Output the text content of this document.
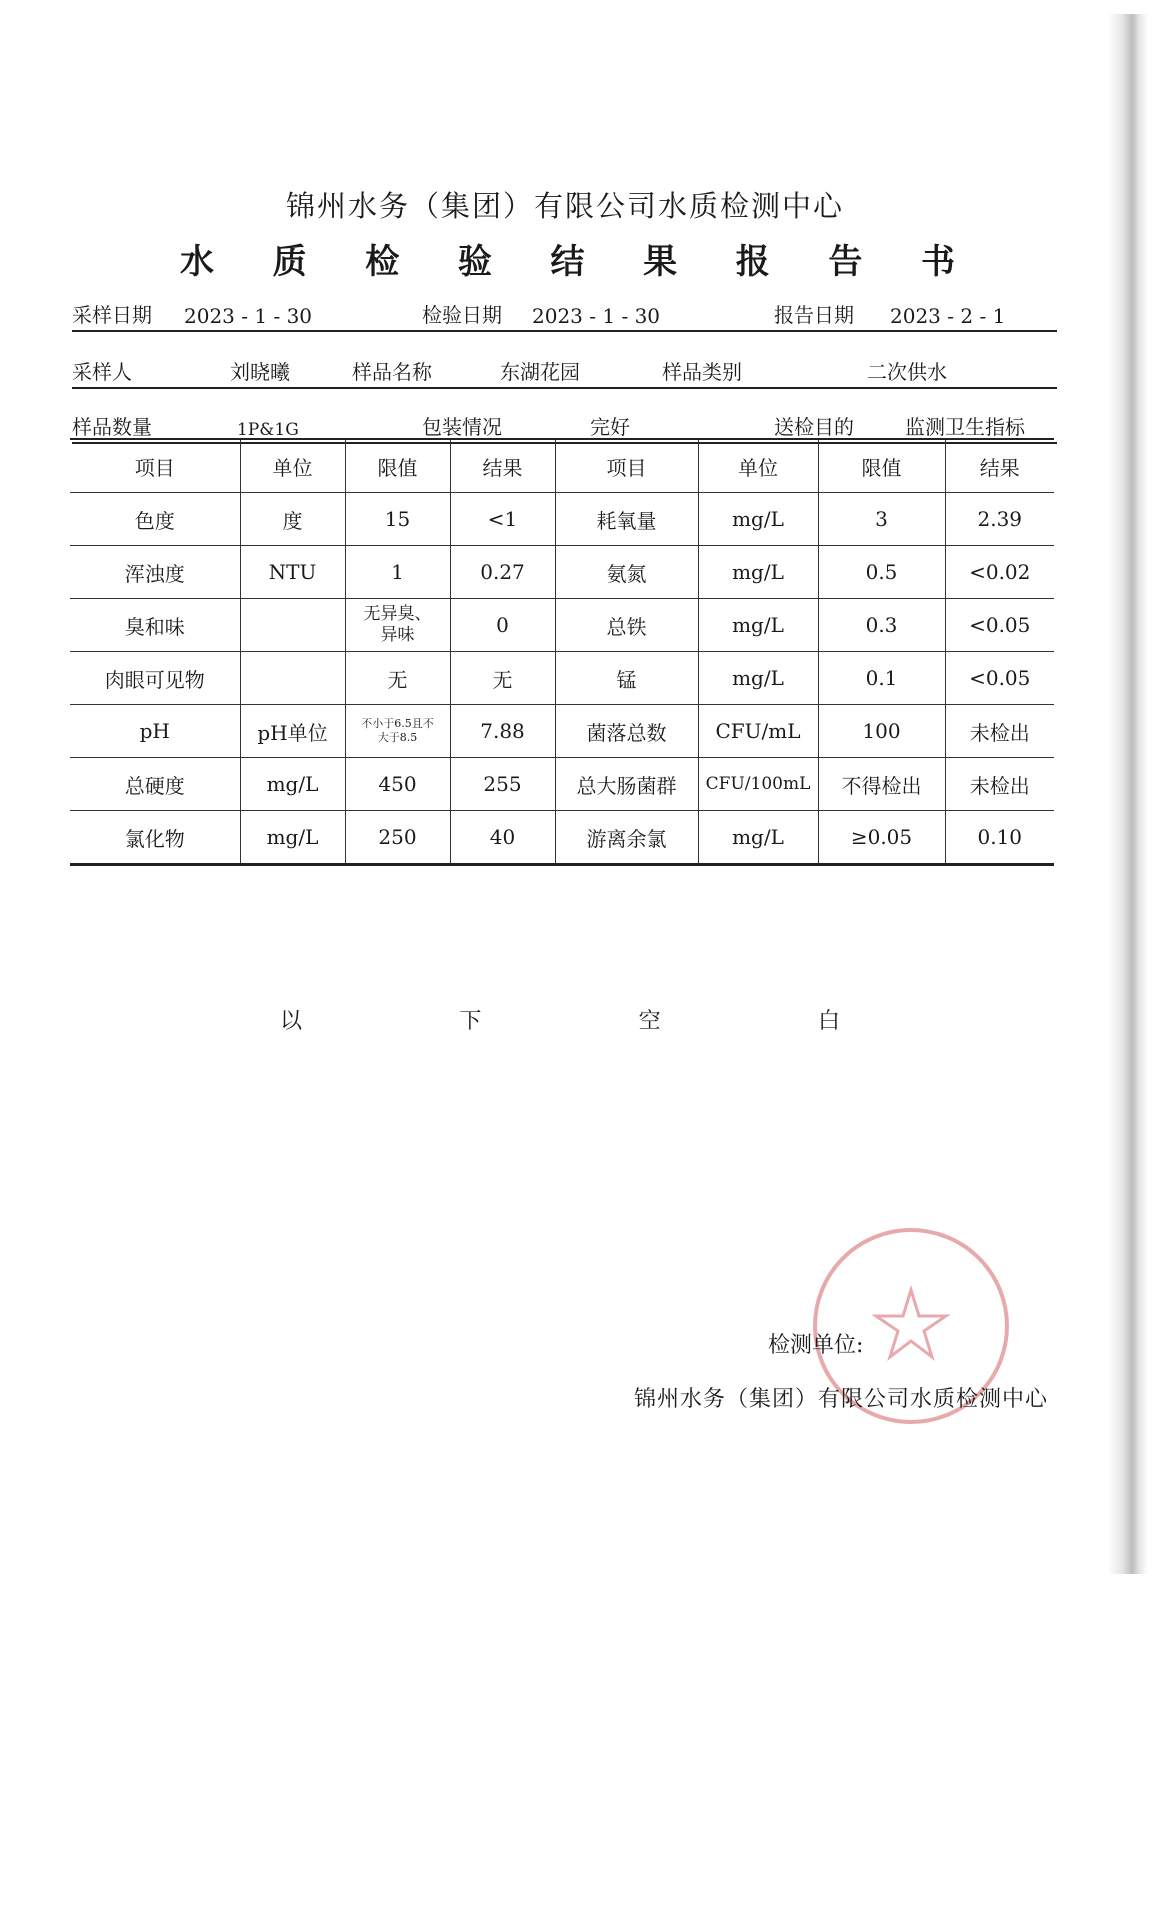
锦州水务（集团）有限公司水质检测中心
水 质 检 验 结 果 报 告 书
采样日期 2023 - 1 - 30	检验日期 2023 - 1 - 30	报告日期 2023 - 2 - 1
采样人	刘晓曦	样品名称	东湖花园	样品类别	二次供水
样品数量	1P&1G	包装情况	完好	送检目的	监测卫生指标
项目	单位	限值	结果	项目	单位	限值	结果
色度	度	15	<1	耗氧量	mg/L	3	2.39
浑浊度	NTU	1	0.27	氨氮	mg/L	0.5	<0.02
臭和味		无异臭、异味	0	总铁	mg/L	0.3	<0.05
肉眼可见物		无	无	锰	mg/L	0.1	<0.05
pH	pH单位	不小于6.5且不大于8.5	7.88	菌落总数	CFU/mL	100	未检出
总硬度	mg/L	450	255	总大肠菌群	CFU/100mL	不得检出	未检出
氯化物	mg/L	250	40	游离余氯	mg/L	≥0.05	0.10
以	下	空	白
检测单位:
锦州水务（集团）有限公司水质检测中心
